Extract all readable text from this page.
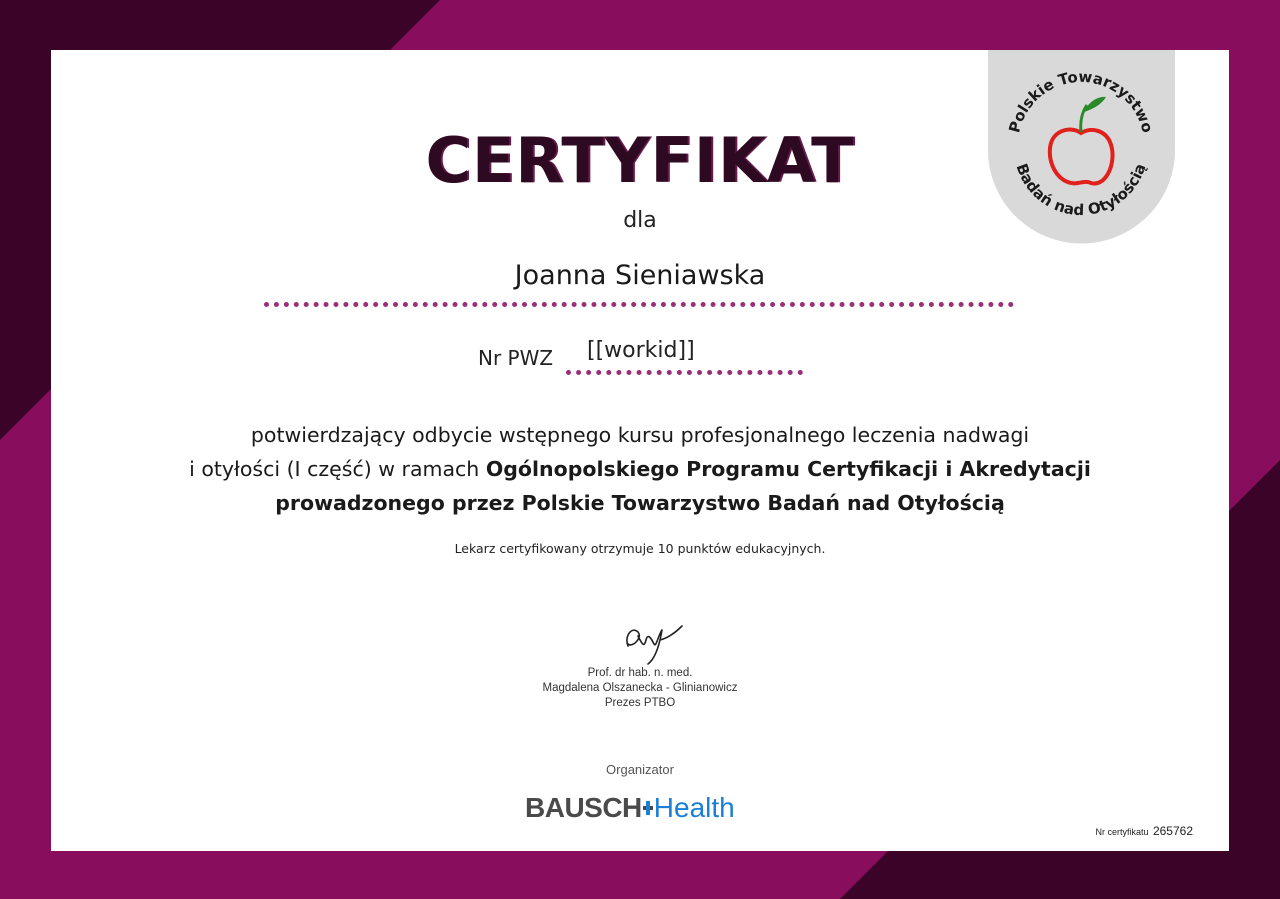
Polskie Towarzystwo
Badań nad Otyłością
CERTYFIKAT
dla
Joanna Sieniawska
Nr PWZ [[workid]]
potwierdzający odbycie wstępnego kursu profesjonalnego leczenia nadwagi
i otyłości (I część) w ramach Ogólnopolskiego Programu Certyfikacji i Akredytacji
prowadzonego przez Polskie Towarzystwo Badań nad Otyłością
Lekarz certyfikowany otrzymuje 10 punktów edukacyjnych.
Prof. dr hab. n. med.
Magdalena Olszanecka - Glinianowicz
Prezes PTBO
Organizator
BAUSCH Health
Nr certyfikatu 265762
